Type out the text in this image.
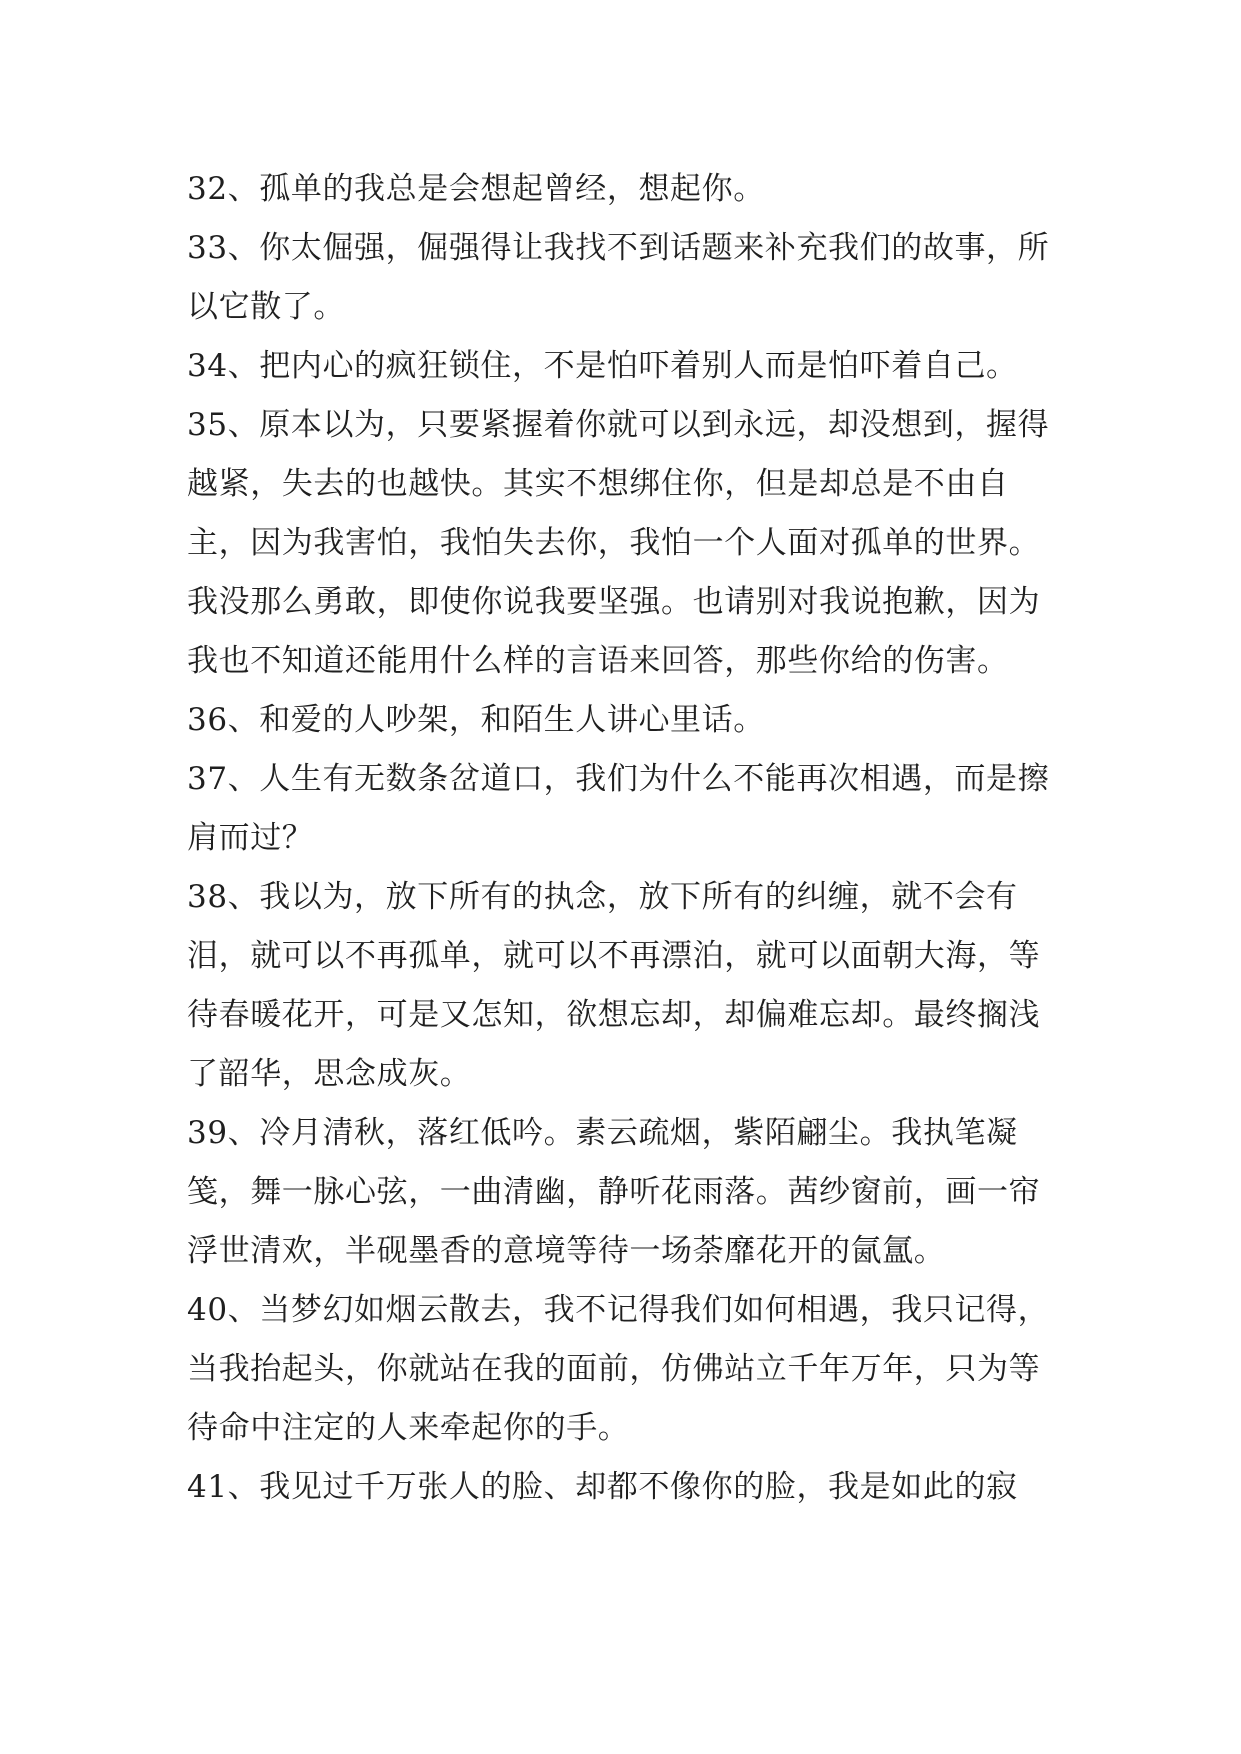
32、孤单的我总是会想起曾经，想起你。

33、你太倔强，倔强得让我找不到话题来补充我们的故事，所以它散了。

34、把内心的疯狂锁住，不是怕吓着别人而是怕吓着自己。

35、原本以为，只要紧握着你就可以到永远，却没想到，握得越紧，失去的也越快。其实不想绑住你，但是却总是不由自主，因为我害怕，我怕失去你，我怕一个人面对孤单的世界。我没那么勇敢，即使你说我要坚强。也请别对我说抱歉，因为我也不知道还能用什么样的言语来回答，那些你给的伤害。

36、和爱的人吵架，和陌生人讲心里话。

37、人生有无数条岔道口，我们为什么不能再次相遇，而是擦肩而过？

38、我以为，放下所有的执念，放下所有的纠缠，就不会有泪，就可以不再孤单，就可以不再漂泊，就可以面朝大海，等待春暖花开，可是又怎知，欲想忘却，却偏难忘却。最终搁浅了韶华，思念成灰。

39、冷月清秋，落红低吟。素云疏烟，紫陌翩尘。我执笔凝笺，舞一脉心弦，一曲清幽，静听花雨落。茜纱窗前，画一帘浮世清欢，半砚墨香的意境等待一场荼靡花开的氤氲。

40、当梦幻如烟云散去，我不记得我们如何相遇，我只记得，当我抬起头，你就站在我的面前，仿佛站立千年万年，只为等待命中注定的人来牵起你的手。

41、我见过千万张人的脸、却都不像你的脸，我是如此的寂
